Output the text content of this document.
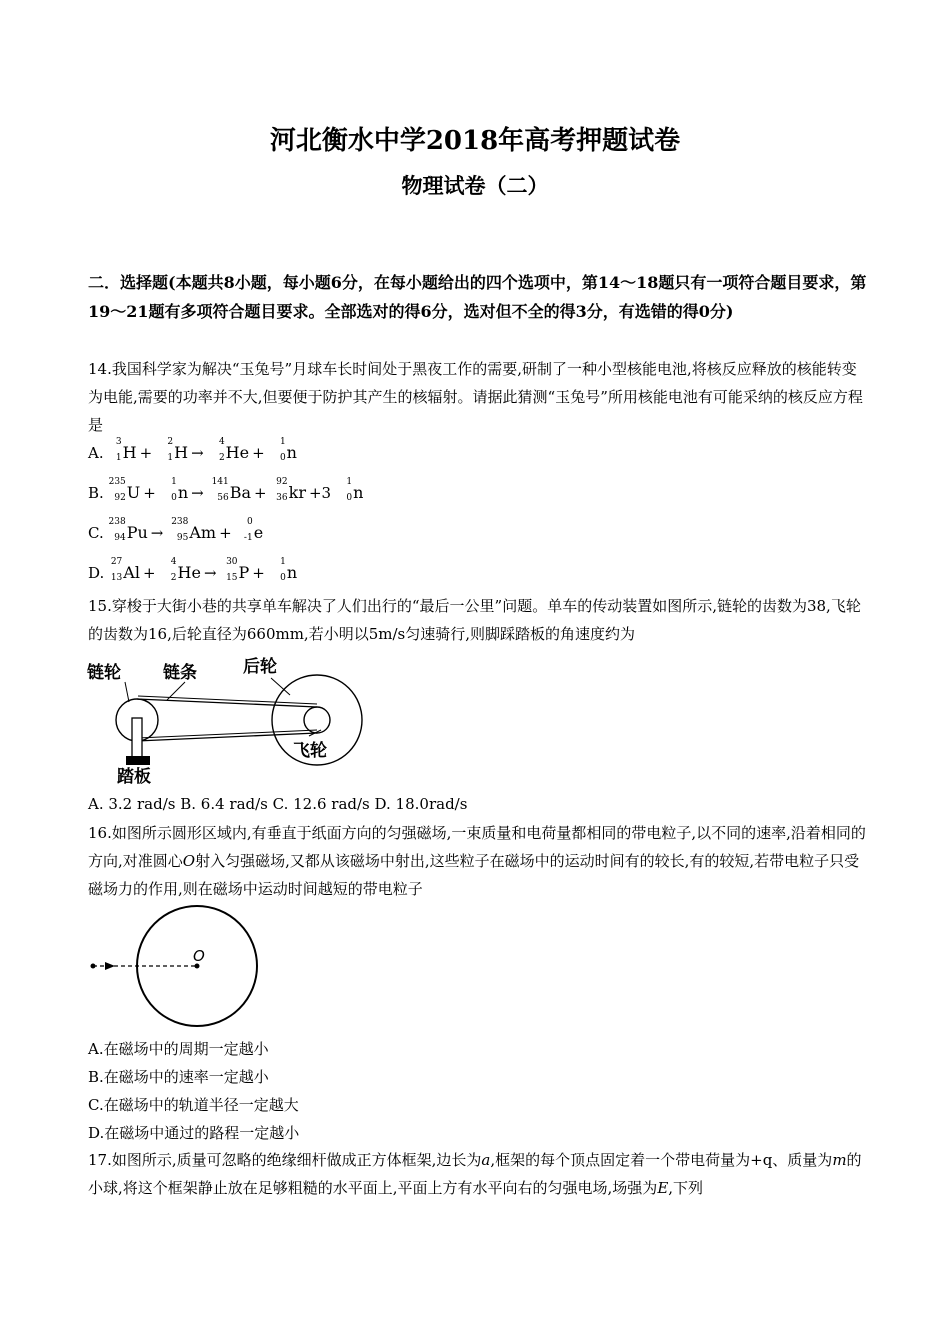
河北衡水中学2018年高考押题试卷
物理试卷（二）
二．选择题(本题共8小题，每小题6分，在每小题给出的四个选项中，第14～18题只有一项符合题目要求，第19～21题有多项符合题目要求。全部选对的得6分，选对但不全的得3分，有选错的得0分)
14.我国科学家为解决“玉兔号”月球车长时间处于黑夜工作的需要,研制了一种小型核能电池,将核反应释放的核能转变为电能,需要的功率并不大,但要便于防护其产生的核辐射。请据此猜测“玉兔号”所用核能电池有可能采纳的核反应方程是
A.
3
1 H +
2
1 H →
4
2 He +
1
0 n
B.
235
92 U +
1
0 n →
141
56 Ba +
92
36 kr +3
1
0 n
C.
238
94 Pu →
238
95 Am +
0
-1 e
D.
27
13 Al +
4
2 He →
30
15 P +
1
0 n
15.穿梭于大街小巷的共享单车解决了人们出行的“最后一公里”问题。单车的传动装置如图所示,链轮的齿数为38,飞轮的齿数为16,后轮直径为660mm,若小明以5m/s匀速骑行,则脚踩踏板的角速度约为
链轮 链条	后轮
飞轮
踏板
A. 3.2 rad/s B. 6.4 rad/s C. 12.6 rad/s D. 18.0rad/s
16.如图所示圆形区域内,有垂直于纸面方向的匀强磁场,一束质量和电荷量都相同的带电粒子,以不同的速率,沿着相同的方向,对准圆心O射入匀强磁场,又都从该磁场中射出,这些粒子在磁场中的运动时间有的较长,有的较短,若带电粒子只受磁场力的作用,则在磁场中运动时间越短的带电粒子
O
A.在磁场中的周期一定越小
B.在磁场中的速率一定越小
C.在磁场中的轨道半径一定越大
D.在磁场中通过的路程一定越小
17.如图所示,质量可忽略的绝缘细杆做成正方体框架,边长为a,框架的每个顶点固定着一个带电荷量为+q、质量为m的小球,将这个框架静止放在足够粗糙的水平面上,平面上方有水平向右的匀强电场,场强为E,下列
